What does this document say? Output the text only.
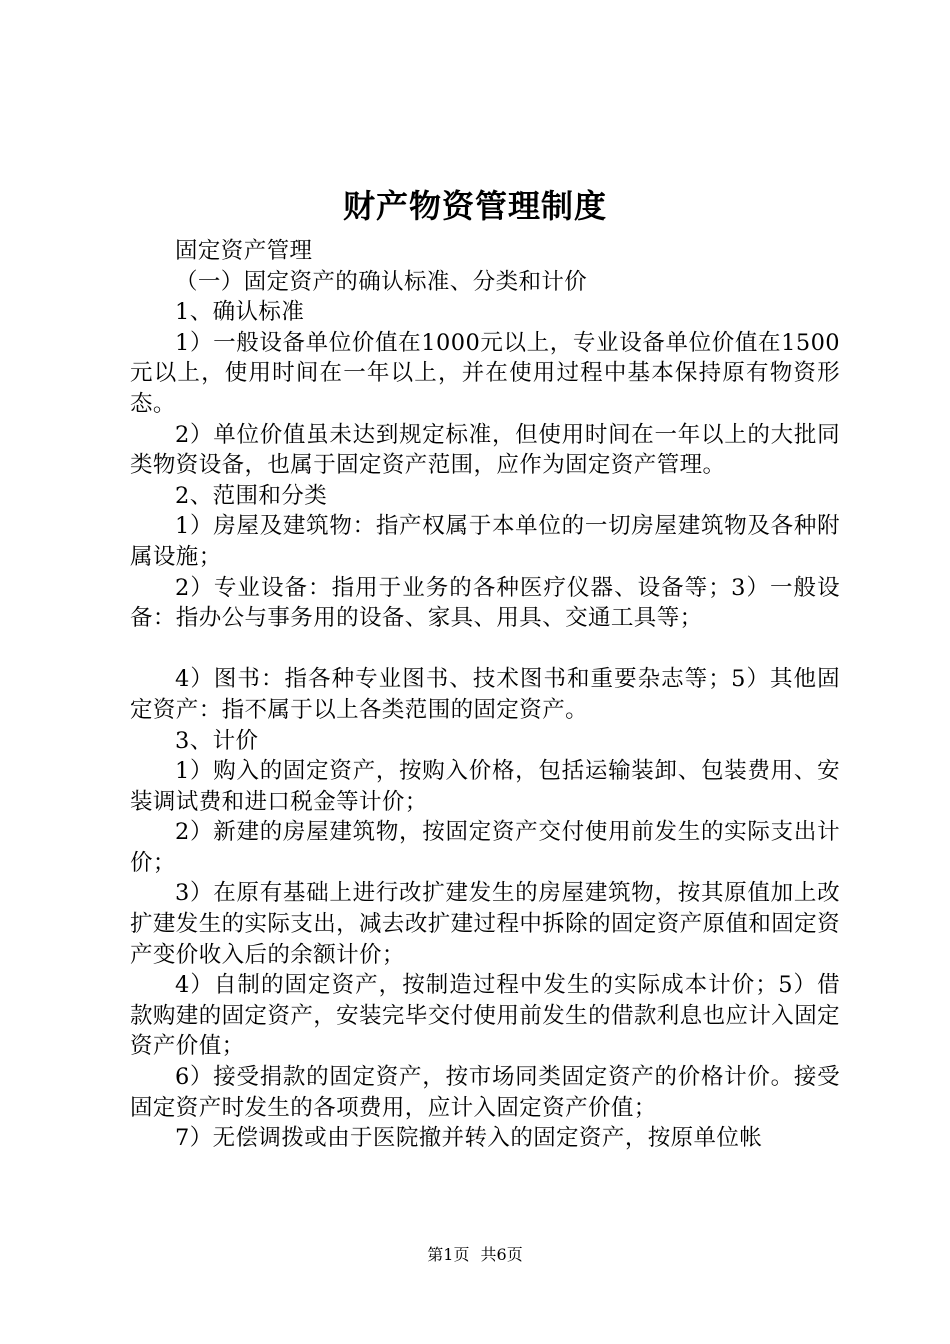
财产物资管理制度

固定资产管理

（一）固定资产的确认标准、分类和计价

1、确认标准

1）一般设备单位价值在1000元以上，专业设备单位价值在1500元以上，使用时间在一年以上，并在使用过程中基本保持原有物资形态。

2）单位价值虽未达到规定标准，但使用时间在一年以上的大批同类物资设备，也属于固定资产范围，应作为固定资产管理。

2、范围和分类

1）房屋及建筑物：指产权属于本单位的一切房屋建筑物及各种附属设施；

2）专业设备：指用于业务的各种医疗仪器、设备等；3）一般设备：指办公与事务用的设备、家具、用具、交通工具等；

4）图书：指各种专业图书、技术图书和重要杂志等；5）其他固定资产：指不属于以上各类范围的固定资产。

3、计价

1）购入的固定资产，按购入价格，包括运输装卸、包装费用、安装调试费和进口税金等计价；

2）新建的房屋建筑物，按固定资产交付使用前发生的实际支出计价；

3）在原有基础上进行改扩建发生的房屋建筑物，按其原值加上改扩建发生的实际支出，减去改扩建过程中拆除的固定资产原值和固定资产变价收入后的余额计价；

4）自制的固定资产，按制造过程中发生的实际成本计价；5）借款购建的固定资产，安装完毕交付使用前发生的借款利息也应计入固定资产价值；

6）接受捐款的固定资产，按市场同类固定资产的价格计价。接受固定资产时发生的各项费用，应计入固定资产价值；

7）无偿调拨或由于医院撤并转入的固定资产，按原单位帐

第1页 共6页
